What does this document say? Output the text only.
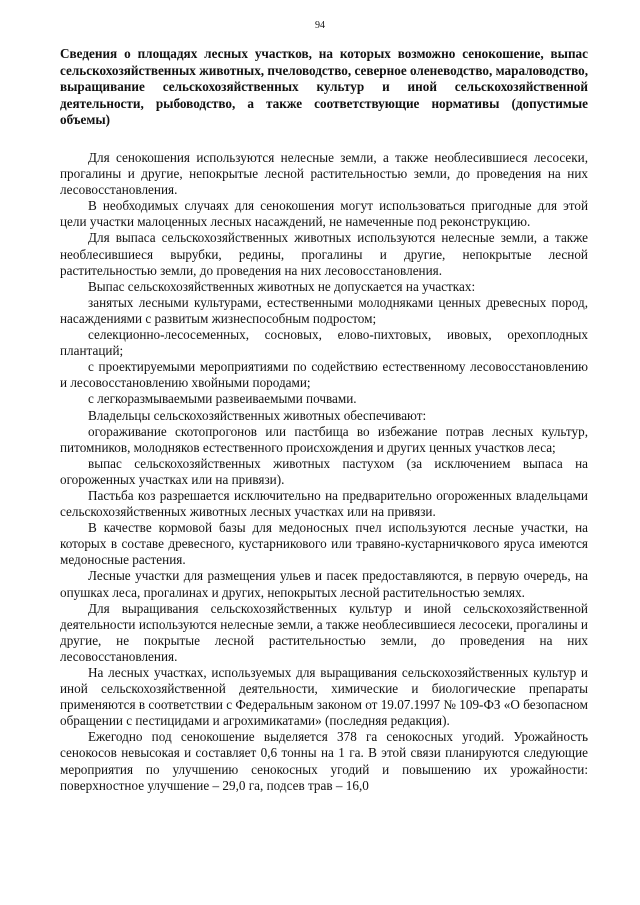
94
Сведения о площадях лесных участков, на которых возможно сенокошение, выпас сельскохозяйственных животных, пчеловодство, северное оленеводство, мараловодство, выращивание сельскохозяйственных культур и иной сельскохозяйственной деятельности, рыбоводство, а также соответствующие нормативы (допустимые объемы)

Для сенокошения используются нелесные земли, а также необлесившиеся лесосеки, прогалины и другие, непокрытые лесной растительностью земли, до проведения на них лесовосстановления.

В необходимых случаях для сенокошения могут использоваться пригодные для этой цели участки малоценных лесных насаждений, не намеченные под реконструкцию.

Для выпаса сельскохозяйственных животных используются нелесные земли, а также необлесившиеся вырубки, редины, прогалины и другие, непокрытые лесной растительностью земли, до проведения на них лесовосстановления.

Выпас сельскохозяйственных животных не допускается на участках:

занятых лесными культурами, естественными молодняками ценных древесных пород, насаждениями с развитым жизнеспособным подростом;

селекционно-лесосеменных, сосновых, елово-пихтовых, ивовых, орехоплодных плантаций;

с проектируемыми мероприятиями по содействию естественному лесовосстановлению и лесовосстановлению хвойными породами;

с легкоразмываемыми развеиваемыми почвами.

Владельцы сельскохозяйственных животных обеспечивают:

огораживание скотопрогонов или пастбища во избежание потрав лесных культур, питомников, молодняков естественного происхождения и других ценных участков леса;

выпас сельскохозяйственных животных пастухом (за исключением выпаса на огороженных участках или на привязи).

Пастьба коз разрешается исключительно на предварительно огороженных владельцами сельскохозяйственных животных лесных участках или на привязи.

В качестве кормовой базы для медоносных пчел используются лесные участки, на которых в составе древесного, кустарникового или травяно-кустарничкового яруса имеются медоносные растения.

Лесные участки для размещения ульев и пасек предоставляются, в первую очередь, на опушках леса, прогалинах и других, непокрытых лесной растительностью землях.

Для выращивания сельскохозяйственных культур и иной сельскохозяйственной деятельности используются нелесные земли, а также необлесившиеся лесосеки, прогалины и другие, не покрытые лесной растительностью земли, до проведения на них лесовосстановления.

На лесных участках, используемых для выращивания сельскохозяйственных культур и иной сельскохозяйственной деятельности, химические и биологические препараты применяются в соответствии с Федеральным законом от 19.07.1997 № 109-ФЗ «О безопасном обращении с пестицидами и агрохимикатами» (последняя редакция).

Ежегодно под сенокошение выделяется 378 га сенокосных угодий. Урожайность сенокосов невысокая и составляет 0,6 тонны на 1 га. В этой связи планируются следующие мероприятия по улучшению сенокосных угодий и повышению их урожайности: поверхностное улучшение – 29,0 га, подсев трав – 16,0
